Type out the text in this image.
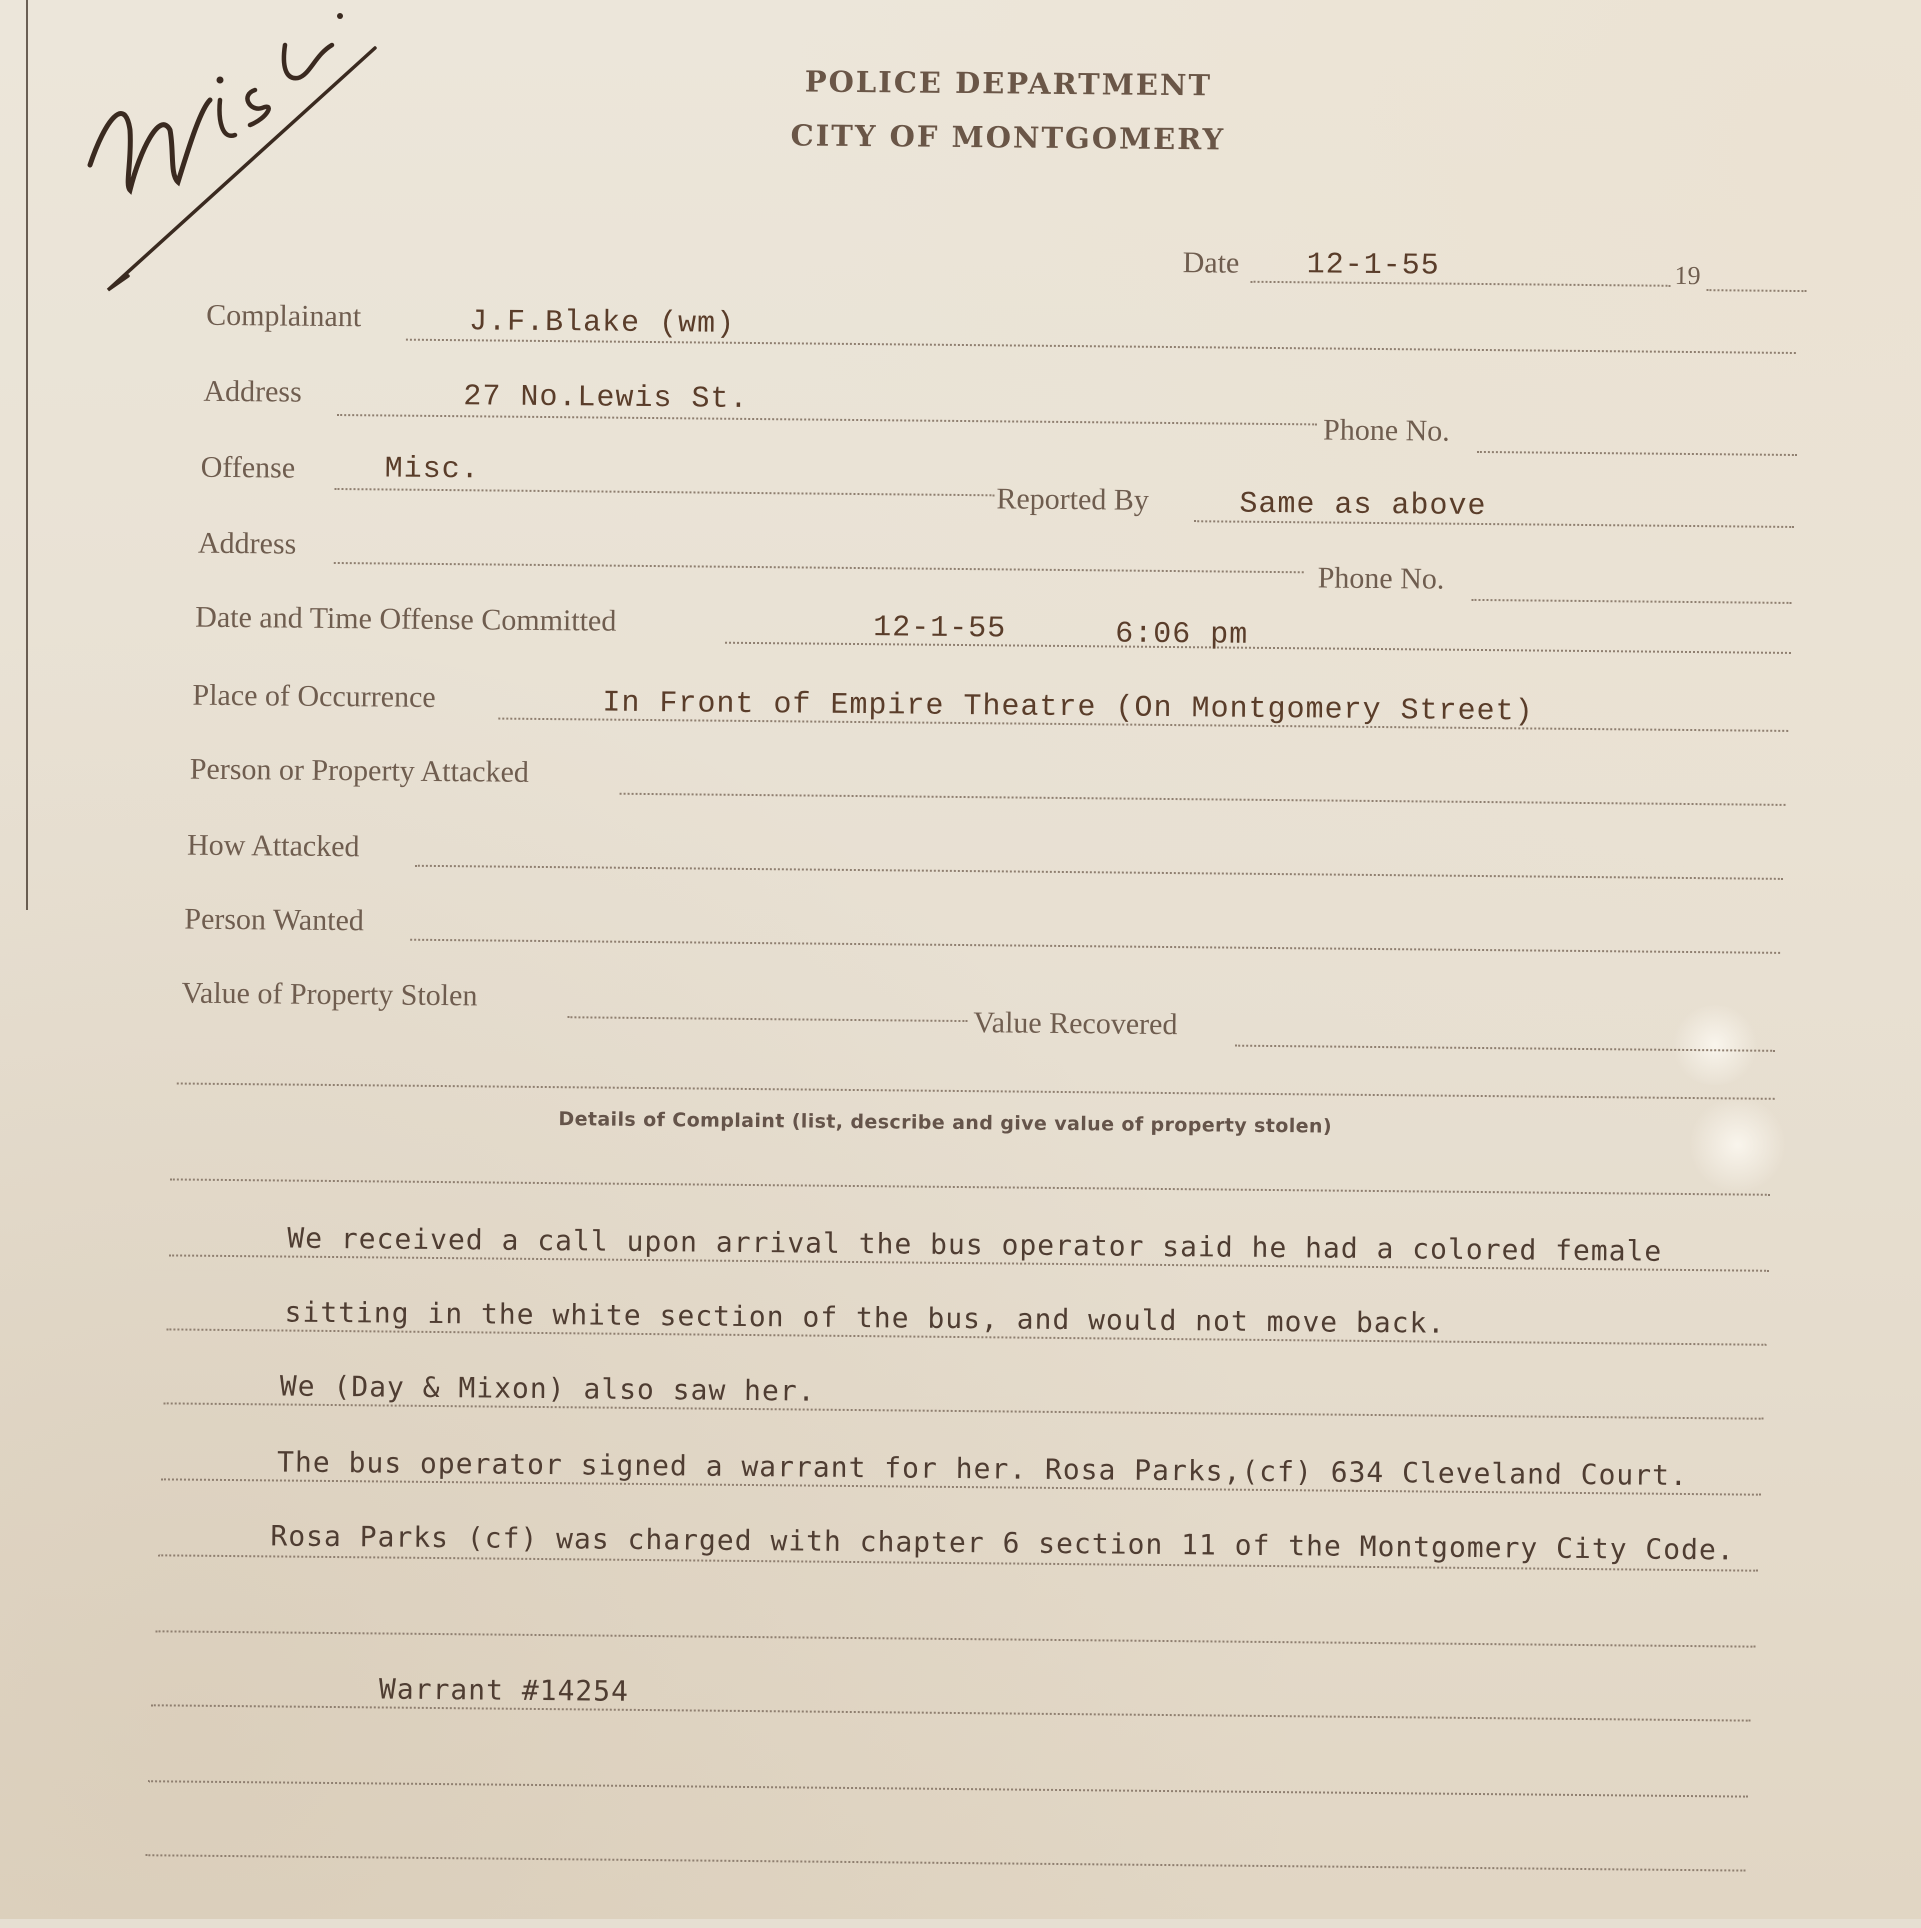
Misc
POLICE DEPARTMENT
CITY OF MONTGOMERY
Date 12-1-55	19
Complainant	J.F.Blake (wm)
Address	27 No.Lewis St.
Phone No.
Offense	Misc.
Reported By	Same as above
Address
Phone No.
Date and Time Offense Committed	12-1-55	6:06 pm
Place of Occurrence	In Front of Empire Theatre (On Montgomery Street)
Person or Property Attacked
How Attacked
Person Wanted
Value of Property Stolen
Value Recovered
Details of Complaint (list, describe and give value of property stolen)
We received a call upon arrival the bus operator said he had a colored female
sitting in the white section of the bus, and would not move back.
We (Day & Mixon) also saw her.
The bus operator signed a warrant for her. Rosa Parks,(cf) 634 Cleveland Court.
Rosa Parks (cf) was charged with chapter 6 section 11 of the Montgomery City Code.
Warrant #14254
